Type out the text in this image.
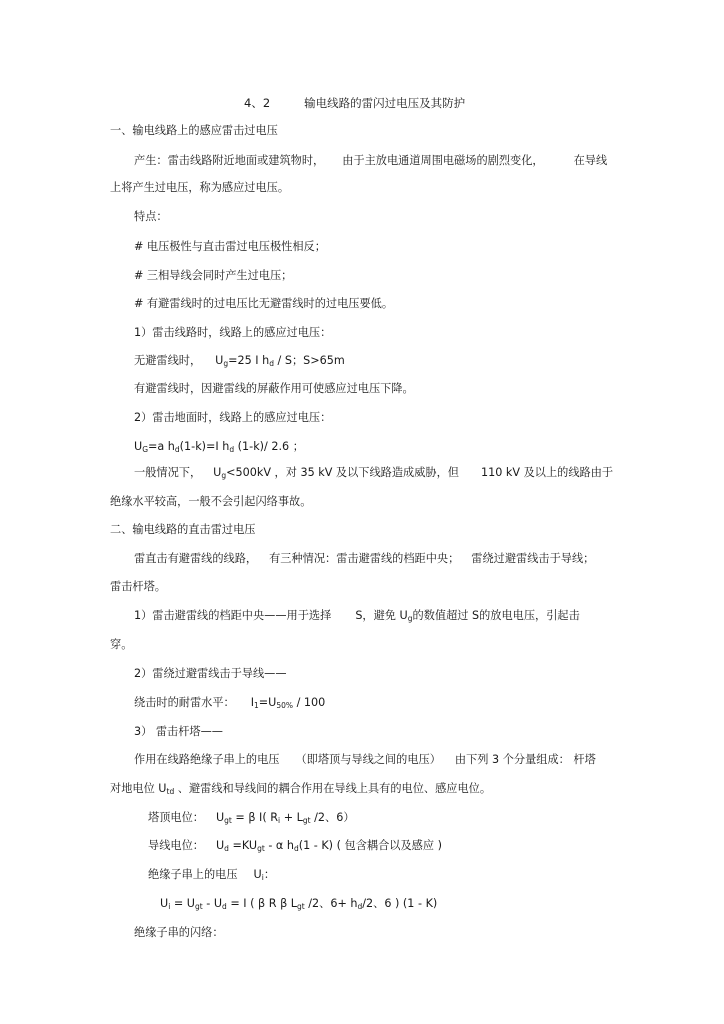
4、2	输电线路的雷闪过电压及其防护
一、输电线路上的感应雷击过电压
产生：雷击线路附近地面或建筑物时， 由于主放电通道周围电磁场的剧烈变化，	在导线
上将产生过电压，称为感应过电压。
特点：
# 电压极性与直击雷过电压极性相反；
# 三相导线会同时产生过电压；
# 有避雷线时的过电压比无避雷线时的过电压要低。
1）雷击线路时，线路上的感应过电压：
无避雷线时， $U_g=25$ I $h_d$ / S；S>65m
有避雷线时，因避雷线的屏蔽作用可使感应过电压下降。
2）雷击地面时，线路上的感应过电压：
$U_G=a$ $h_d(1-k)=I$ $h_d$ (1-k)/ 2.6 ；
一般情况下， $U_g<500kV$ ，对 35 kV 及以下线路造成威胁，但 110 kV 及以上的线路由于
绝缘水平较高，一般不会引起闪络事故。
二、输电线路的直击雷过电压
雷直击有避雷线的线路， 有三种情况：雷击避雷线的档距中央； 雷绕过避雷线击于导线；
雷击杆塔。
1）雷击避雷线的档距中央——用于选择 S，避免 $U_g$的数值超过 S的放电电压，引起击
穿。
2）雷绕过避雷线击于导线——
绕击时的耐雷水平： $I_1=U_{50\%} / 100$
3） 雷击杆塔——
作用在线路绝缘子串上的电压 （即塔顶与导线之间的电压） 由下列 3 个分量组成： 杆塔
对地电位 $U_{td}$ 、避雷线和导线间的耦合作用在导线上具有的电位、感应电位。
塔顶电位： $U_{gt} = \beta$ I( $R_i + L_{gt}$ /2、6）
导线电位： $U_d =KU_{gt} - \alpha$ $h_d(1 - K)$ ( 包含耦合以及感应 )
绝缘子串上的电压 $U_i$：
$U_i = U_{gt} - U_d = I$ ( β R β $L_{gt}$ /2、$6+ h_d/2$、6 ) (1 - K)
绝缘子串的闪络：
